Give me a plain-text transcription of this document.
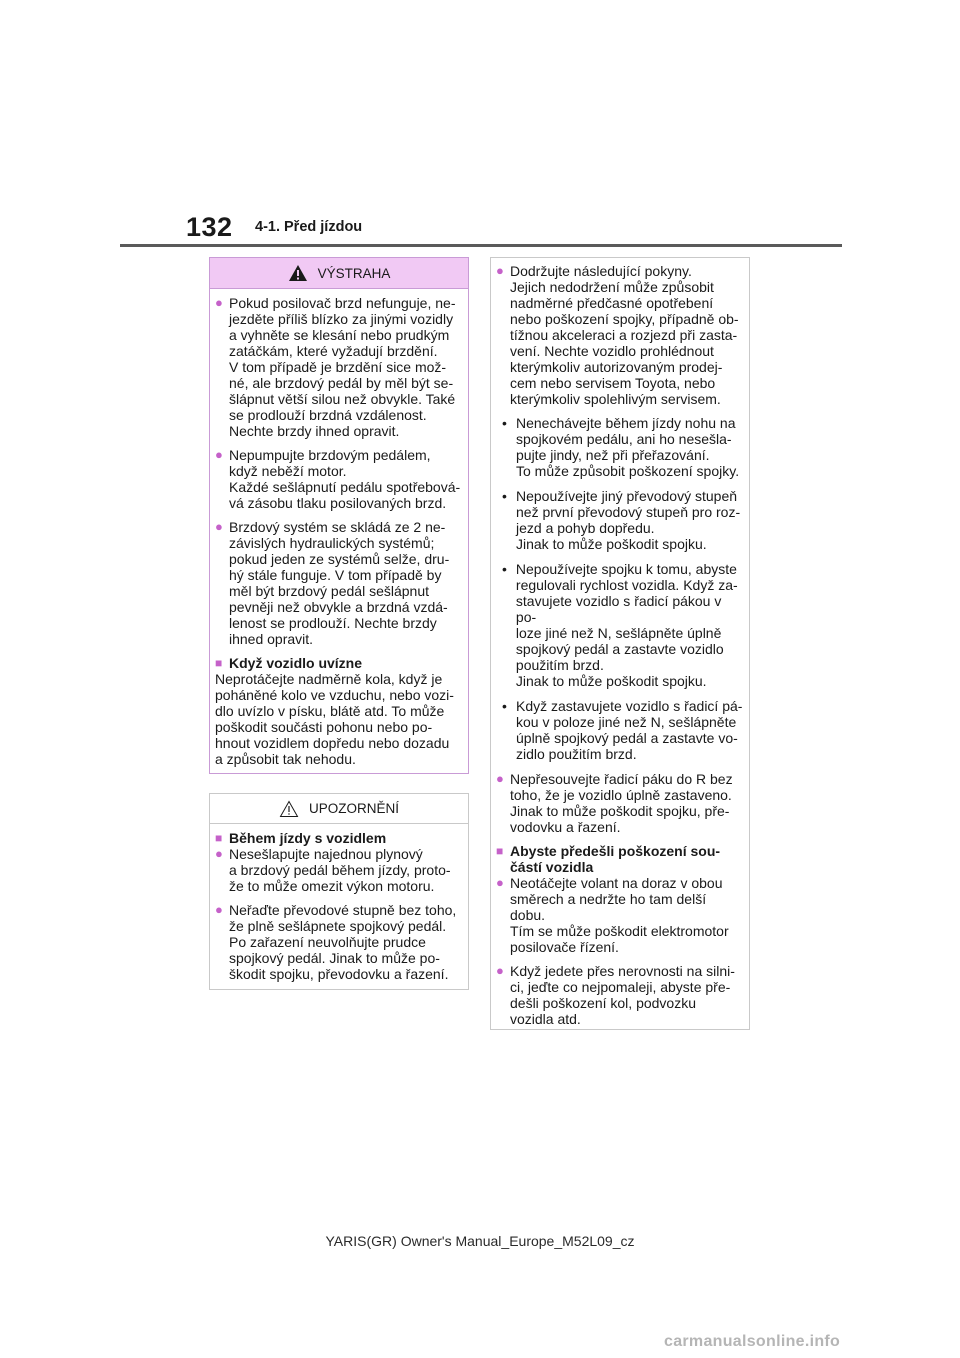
132 4-1. Před jízdou
VÝSTRAHA
● Pokud posilovač brzd nefunguje, ne-
jezděte příliš blízko za jinými vozidly
a vyhněte se klesání nebo prudkým
zatáčkám, které vyžadují brzdění.
V tom případě je brzdění sice mož-
né, ale brzdový pedál by měl být se-
šlápnut větší silou než obvykle. Také
se prodlouží brzdná vzdálenost.
Nechte brzdy ihned opravit.
● Nepumpujte brzdovým pedálem,
když neběží motor.
Každé sešlápnutí pedálu spotřebová-
vá zásobu tlaku posilovaných brzd.
● Brzdový systém se skládá ze 2 ne-
závislých hydraulických systémů;
pokud jeden ze systémů selže, dru-
hý stále funguje. V tom případě by
měl být brzdový pedál sešlápnut
pevněji než obvykle a brzdná vzdá-
lenost se prodlouží. Nechte brzdy
ihned opravit.
■ Když vozidlo uvízne
Neprotáčejte nadměrně kola, když je
poháněné kolo ve vzduchu, nebo vozi-
dlo uvízlo v písku, blátě atd. To může
poškodit součásti pohonu nebo po-
hnout vozidlem dopředu nebo dozadu
a způsobit tak nehodu.
UPOZORNĚNÍ
■ Během jízdy s vozidlem
● Nesešlapujte najednou plynový
a brzdový pedál během jízdy, proto-
že to může omezit výkon motoru.
● Neřaďte převodové stupně bez toho,
že plně sešlápnete spojkový pedál.
Po zařazení neuvolňujte prudce
spojkový pedál. Jinak to může po-
škodit spojku, převodovku a řazení.
● Dodržujte následující pokyny.
Jejich nedodržení může způsobit
nadměrné předčasné opotřebení
nebo poškození spojky, případně ob-
tížnou akceleraci a rozjezd při zasta-
vení. Nechte vozidlo prohlédnout
kterýmkoliv autorizovaným prodej-
cem nebo servisem Toyota, nebo
kterýmkoliv spolehlivým servisem.
• Nenechávejte během jízdy nohu na
spojkovém pedálu, ani ho nesešla-
pujte jindy, než při přeřazování.
To může způsobit poškození spojky.
• Nepoužívejte jiný převodový stupeň
než první převodový stupeň pro roz-
jezd a pohyb dopředu.
Jinak to může poškodit spojku.
• Nepoužívejte spojku k tomu, abyste
regulovali rychlost vozidla. Když za-
stavujete vozidlo s řadicí pákou v po-
loze jiné než N, sešlápněte úplně
spojkový pedál a zastavte vozidlo
použitím brzd.
Jinak to může poškodit spojku.
• Když zastavujete vozidlo s řadicí pá-
kou v poloze jiné než N, sešlápněte
úplně spojkový pedál a zastavte vo-
zidlo použitím brzd.
● Nepřesouvejte řadicí páku do R bez
toho, že je vozidlo úplně zastaveno.
Jinak to může poškodit spojku, pře-
vodovku a řazení.
■ Abyste předešli poškození sou-
částí vozidla
● Neotáčejte volant na doraz v obou
směrech a nedržte ho tam delší
dobu.
Tím se může poškodit elektromotor
posilovače řízení.
● Když jedete přes nerovnosti na silni-
ci, jeďte co nejpomaleji, abyste pře-
dešli poškození kol, podvozku
vozidla atd.
YARIS(GR) Owner's Manual_Europe_M52L09_cz
carmanualsonline.info
